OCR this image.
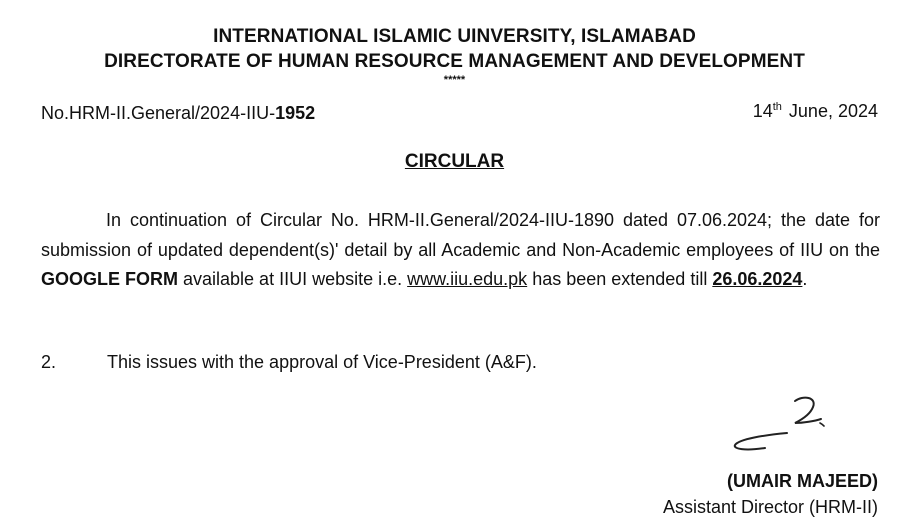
INTERNATIONAL ISLAMIC UINVERSITY, ISLAMABAD
DIRECTORATE OF HUMAN RESOURCE MANAGEMENT AND DEVELOPMENT
*****
No.HRM-II.General/2024-IIU-1952	14th June, 2024
CIRCULAR
In continuation of Circular No. HRM-II.General/2024-IIU-1890 dated 07.06.2024; the date for submission of updated dependent(s)' detail by all Academic and Non-Academic employees of IIU on the GOOGLE FORM available at IIUI website i.e. www.iiu.edu.pk has been extended till 26.06.2024.
2.	This issues with the approval of Vice-President (A&F).
(UMAIR MAJEED)
Assistant Director (HRM-II)
